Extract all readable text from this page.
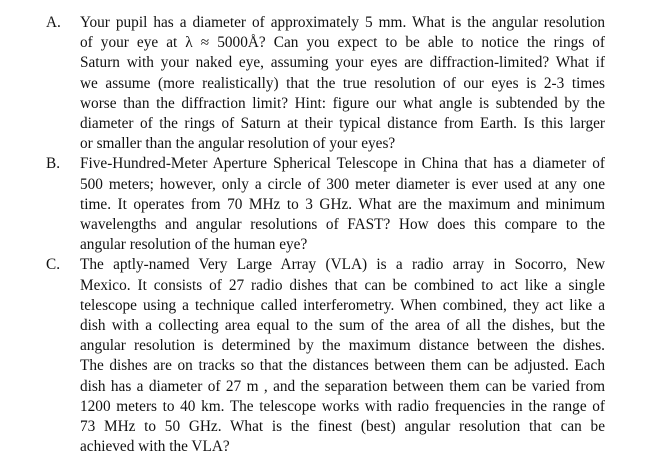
A.	Your pupil has a diameter of approximately 5 mm. What is the angular resolution
of your eye at λ ≈ 5000Å? Can you expect to be able to notice the rings of
Saturn with your naked eye, assuming your eyes are diffraction-limited? What if
we assume (more realistically) that the true resolution of our eyes is 2-3 times
worse than the diffraction limit? Hint: figure our what angle is subtended by the
diameter of the rings of Saturn at their typical distance from Earth. Is this larger
or smaller than the angular resolution of your eyes?
B.	Five-Hundred-Meter Aperture Spherical Telescope in China that has a diameter of
500 meters; however, only a circle of 300 meter diameter is ever used at any one
time. It operates from 70 MHz to 3 GHz. What are the maximum and minimum
wavelengths and angular resolutions of FAST? How does this compare to the
angular resolution of the human eye?
C.	The aptly-named Very Large Array (VLA) is a radio array in Socorro, New
Mexico. It consists of 27 radio dishes that can be combined to act like a single
telescope using a technique called interferometry. When combined, they act like a
dish with a collecting area equal to the sum of the area of all the dishes, but the
angular resolution is determined by the maximum distance between the dishes.
The dishes are on tracks so that the distances between them can be adjusted. Each
dish has a diameter of 27 m , and the separation between them can be varied from
1200 meters to 40 km. The telescope works with radio frequencies in the range of
73 MHz to 50 GHz. What is the finest (best) angular resolution that can be
achieved with the VLA?
